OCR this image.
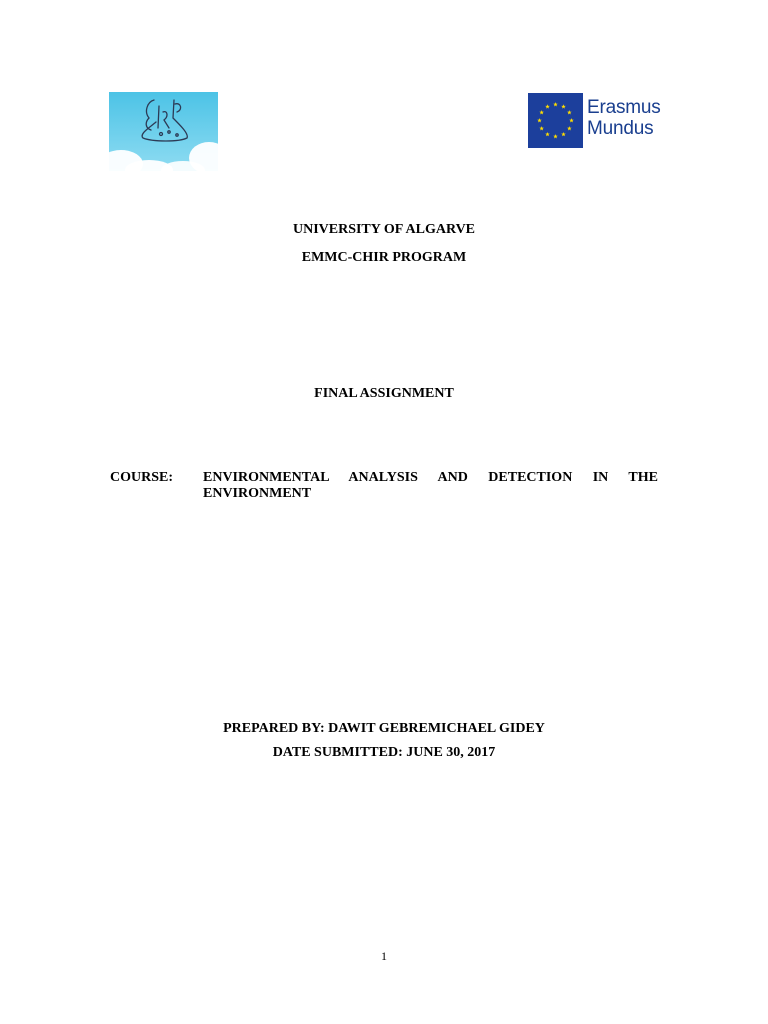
Erasmus
Mundus
UNIVERSITY OF ALGARVE
EMMC-CHIR PROGRAM
FINAL ASSIGNMENT
COURSE: ENVIRONMENTAL ANALYSIS AND DETECTION IN THE ENVIRONMENT
PREPARED BY: DAWIT GEBREMICHAEL GIDEY
DATE SUBMITTED: JUNE 30, 2017
1
